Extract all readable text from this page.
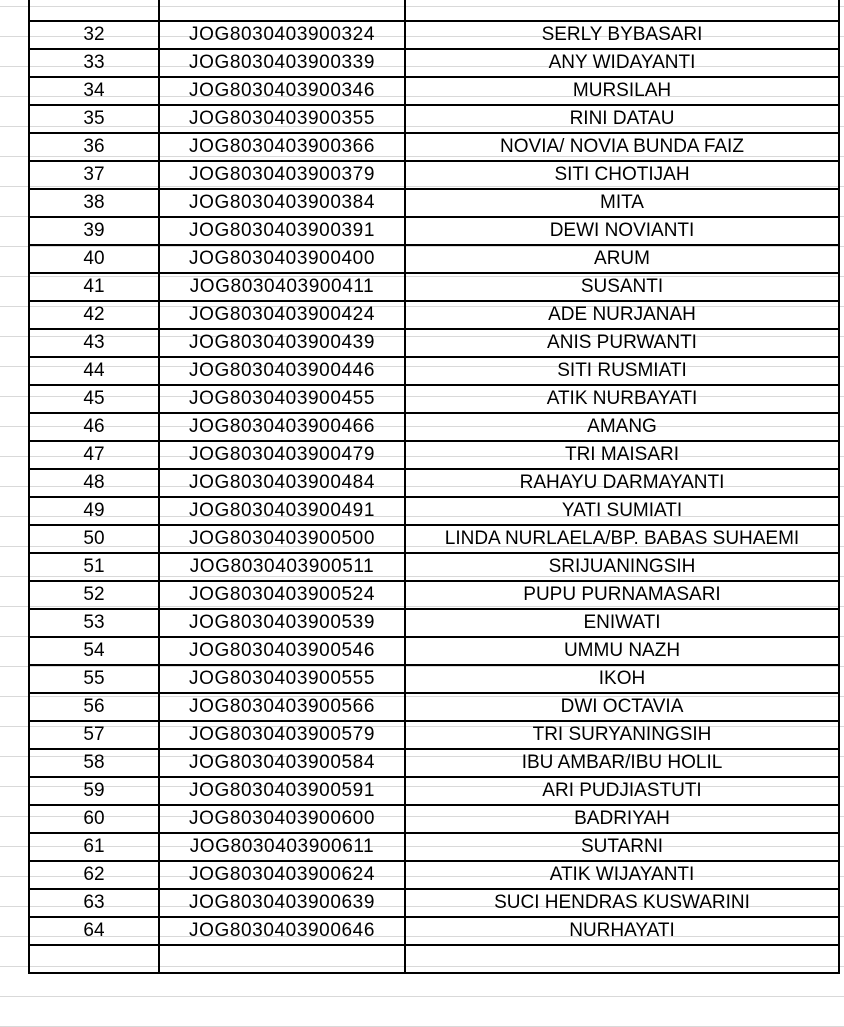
32	JOG8030403900324	SERLY BYBASARI
33	JOG8030403900339	ANY WIDAYANTI
34	JOG8030403900346	MURSILAH
35	JOG8030403900355	RINI DATAU
36	JOG8030403900366	NOVIA/ NOVIA BUNDA FAIZ
37	JOG8030403900379	SITI CHOTIJAH
38	JOG8030403900384	MITA
39	JOG8030403900391	DEWI NOVIANTI
40	JOG8030403900400	ARUM
41	JOG8030403900411	SUSANTI
42	JOG8030403900424	ADE NURJANAH
43	JOG8030403900439	ANIS PURWANTI
44	JOG8030403900446	SITI RUSMIATI
45	JOG8030403900455	ATIK NURBAYATI
46	JOG8030403900466	AMANG
47	JOG8030403900479	TRI MAISARI
48	JOG8030403900484	RAHAYU DARMAYANTI
49	JOG8030403900491	YATI SUMIATI
50	JOG8030403900500	LINDA NURLAELA/BP. BABAS SUHAEMI
51	JOG8030403900511	SRIJUANINGSIH
52	JOG8030403900524	PUPU PURNAMASARI
53	JOG8030403900539	ENIWATI
54	JOG8030403900546	UMMU NAZH
55	JOG8030403900555	IKOH
56	JOG8030403900566	DWI OCTAVIA
57	JOG8030403900579	TRI SURYANINGSIH
58	JOG8030403900584	IBU AMBAR/IBU HOLIL
59	JOG8030403900591	ARI PUDJIASTUTI
60	JOG8030403900600	BADRIYAH
61	JOG8030403900611	SUTARNI
62	JOG8030403900624	ATIK WIJAYANTI
63	JOG8030403900639	SUCI HENDRAS KUSWARINI
64	JOG8030403900646	NURHAYATI
